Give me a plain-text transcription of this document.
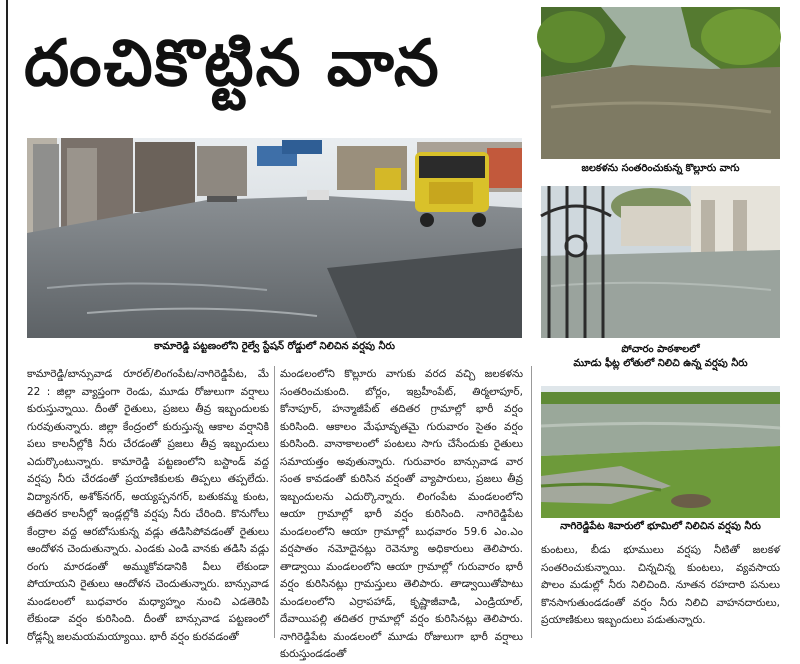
దంచికొట్టిన వాన
కామారెడ్డి పట్టణంలోని రైల్వే స్టేషన్ రోడ్డులో నిలిచిన వర్షపు నీరు
జలకళను సంతరించుకున్న కొల్లూరు వాగు
పోచారం పాఠశాలలో
మూడు ఫీట్ల లోతులో నిలిచి ఉన్న వర్షపు నీరు
నాగిరెడ్డిపేట శివారులో భూమిలో నిలిచిన వర్షపు నీరు

కామారెడ్డి/బాన్సువాడ రూరల్/లింగంపేట/నాగిరెడ్డిపేట, మే 22 : జిల్లా వ్యాప్తంగా రెండు, మూడు రోజులుగా వర్షాలు కురుస్తున్నాయి. దీంతో రైతులు, ప్రజలు తీవ్ర ఇబ్బందులకు గురవుతున్నారు. జిల్లా కేంద్రంలో కురుస్తున్న ఆకాల వర్షానికి పలు కాలనీల్లోకి నీరు చేరడంతో ప్రజలు తీవ్ర ఇబ్బందులు ఎదుర్కొంటున్నారు. కామారెడ్డి పట్టణంలోని బస్టాండ్ వద్ద వర్షపు నీరు చేరడంతో ప్రయాణికులకు తిప్పలు తప్పలేదు. విద్యానగర్, అశోక్‌నగర్, అయ్యప్పనగర్, బతుకమ్మ కుంట, తదితర కాలనీల్లో ఇండ్లల్లోకి వర్షపు నీరు చేరింది. కొనుగోలు కేంద్రాల వద్ద ఆరబోసుకున్న వడ్లు తడిసిపోవడంతో రైతులు ఆందోళన చెందుతున్నారు. ఎండకు ఎండి వానకు తడిసి వడ్లు రంగు మారడంతో అమ్ముకోవడానికి వీలు లేకుండా పోయాయని రైతులు ఆందోళన చెందుతున్నారు. బాన్సువాడ మండలంలో బుధవారం మధ్యాహ్నం నుంచి ఎడతెరిపి లేకుండా వర్షం కురిసింది. దీంతో బాన్సువాడ పట్టణంలో రోడ్లన్నీ జలమయమయ్యాయి. భారీ వర్షం కురవడంతో

మండలంలోని కొల్లూరు వాగుకు వరద వచ్చి జలకళను సంతరించుకుంది. బోర్లం, ఇబ్రహీంపేట్, తిర్మలాపూర్, కోనాపూర్, హన్మాజీపేట్ తదితర గ్రామాల్లో భారీ వర్షం కురిసింది. ఆకాలం మేఘావృతమై గురువారం సైతం వర్షం కురిసింది. వానాకాలంలో పంటలు సాగు చేసేందుకు రైతులు సమాయత్తం అవుతున్నారు. గురువారం బాన్సువాడ వార సంత కావడంతో కురిసిన వర్షంతో వ్యాపారులు, ప్రజలు తీవ్ర ఇబ్బందులను ఎదుర్కొన్నారు. లింగంపేట మండలంలోని ఆయా గ్రామాల్లో భారీ వర్షం కురిసింది. నాగిరెడ్డిపేట మండలంలోని ఆయా గ్రామాల్లో బుధవారం 59.6 ఎం.ఎం వర్షపాతం నమోదైనట్లు రెవెన్యూ అధికారులు తెలిపారు. తాడ్వాయి మండలంలోని ఆయా గ్రామాల్లో గురువారం భారీ వర్షం కురిసినట్లు గ్రామస్తులు తెలిపారు. తాడ్వాయితోపాటు మండలంలోని ఎర్రాపహాడ్, కృష్ణాజీవాడి, ఎండ్రియాల్, దేవాయిపల్లి తదితర గ్రామాల్లో వర్షం కురిసినట్లు తెలిపారు. నాగిరెడ్డిపేట మండలంలో మూడు రోజులుగా భారీ వర్షాలు కురుస్తుండడంతో

కుంటలు, బీడు భూములు వర్షపు నీటితో జలకళ సంతరించుకున్నాయి. చిన్నచిన్న కుంటలు, వ్యవసాయ పొలం మడుల్లో నీరు నిలిచింది. నూతన రహదారి పనులు కొనసాగుతుండడంతో వర్షం నీరు నిలిచి వాహనదారులు, ప్రయాణికులు ఇబ్బందులు పడుతున్నారు.
